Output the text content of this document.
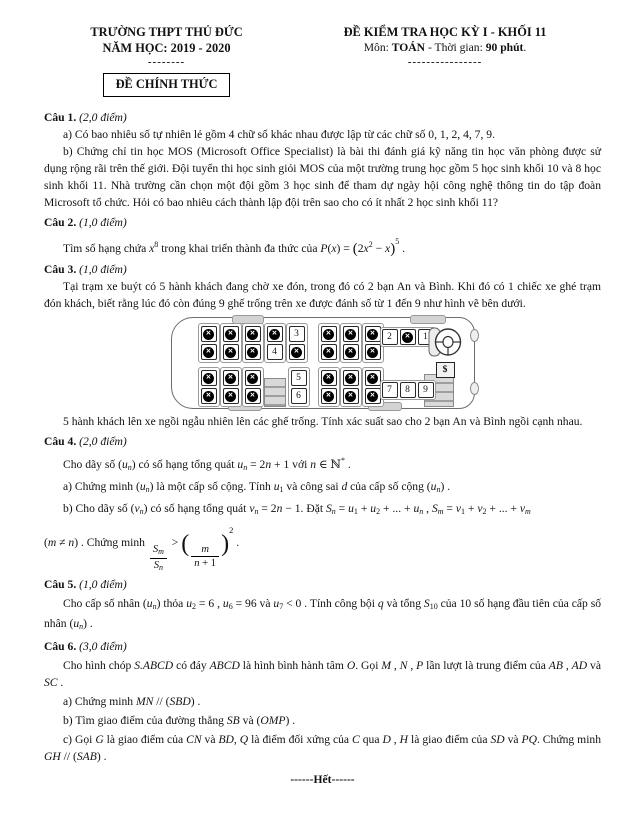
TRƯỜNG THPT THỦ ĐỨC
NĂM HỌC: 2019 - 2020
--------
ĐỀ CHÍNH THỨC
ĐỀ KIỂM TRA HỌC KỲ I - KHỐI 11
Môn: TOÁN - Thời gian: 90 phút.
----------------

Câu 1. (2,0 điểm)

a) Có bao nhiêu số tự nhiên lẻ gồm 4 chữ số khác nhau được lập từ các chữ số 0, 1, 2, 4, 7, 9.

b) Chứng chỉ tin học MOS (Microsoft Office Specialist) là bài thi đánh giá kỹ năng tin học văn phòng được sử dụng rộng rãi trên thế giới. Đội tuyển thi học sinh giỏi MOS của một trường trung học gồm 5 học sinh khối 10 và 8 học sinh khối 11. Nhà trường cần chọn một đội gồm 3 học sinh để tham dự ngày hội công nghệ thông tin do tập đoàn Microsoft tổ chức. Hỏi có bao nhiêu cách thành lập đội trên sao cho có ít nhất 2 học sinh khối 11?

Câu 2. (1,0 điểm)

Tìm số hạng chứa $x^8$ trong khai triển thành đa thức của $P(x) = (2x^2 - x)^5$ .

Câu 3. (1,0 điểm)

Tại trạm xe buýt có 5 hành khách đang chờ xe đón, trong đó có 2 bạn An và Bình. Khi đó có 1 chiếc xe ghé trạm đón khách, biết rằng lúc đó còn đúng 9 ghế trống trên xe được đánh số từ 1 đến 9 như hình vẽ bên dưới.

✕
✕
✕
✕
✕
✕
✕
4
3
✕
✕
✕
✕
✕
✕
✕
✕
✕
✕
✕
✕
✕
5
6
✕
✕
✕
✕
✕
✕
2	✕	1
7	8	9
$

5 hành khách lên xe ngồi ngẫu nhiên lên các ghế trống. Tính xác suất sao cho 2 bạn An và Bình ngồi cạnh nhau.

Câu 4. (2,0 điểm)

Cho dãy số $(u_n)$ có số hạng tổng quát $u_n = 2n + 1$ với n ∈ ℕ* .

a) Chứng minh $(u_n)$ là một cấp số cộng. Tính $u_1$ và công sai d của cấp số cộng $(u_n)$ .

b) Cho dãy số $(v_n)$ có số hạng tổng quát $v_n = 2n - 1$. Đặt $S_n = u_1 + u_2$ + ... + $u_n$ , $S_m = v_1 + v_2$ + ... + $v_m$

(m ≠ n) . Chứng minh
$\frac{S_m}{S_n}$
> ( $\frac{m}{n + 1} )^2$ .

Câu 5. (1,0 điểm)

Cho cấp số nhân $(u_n)$ thỏa $u_2 = 6$ , $u_6 = 96$ và $u_7 < 0$ . Tính công bội q và tổng $S_{10}$ của 10 số hạng đầu tiên của cấp số nhân $(u_n)$ .

Câu 6. (3,0 điểm)

Cho hình chóp S.ABCD có đáy ABCD là hình bình hành tâm O. Gọi M , N , P lần lượt là trung điểm của AB , AD và SC .

a) Chứng minh MN // (SBD) .

b) Tìm giao điểm của đường thẳng SB và (OMP) .

c) Gọi G là giao điểm của CN và BD, Q là điểm đối xứng của C qua D , H là giao điểm của SD và PQ. Chứng minh GH // (SAB) .

------Hết------
